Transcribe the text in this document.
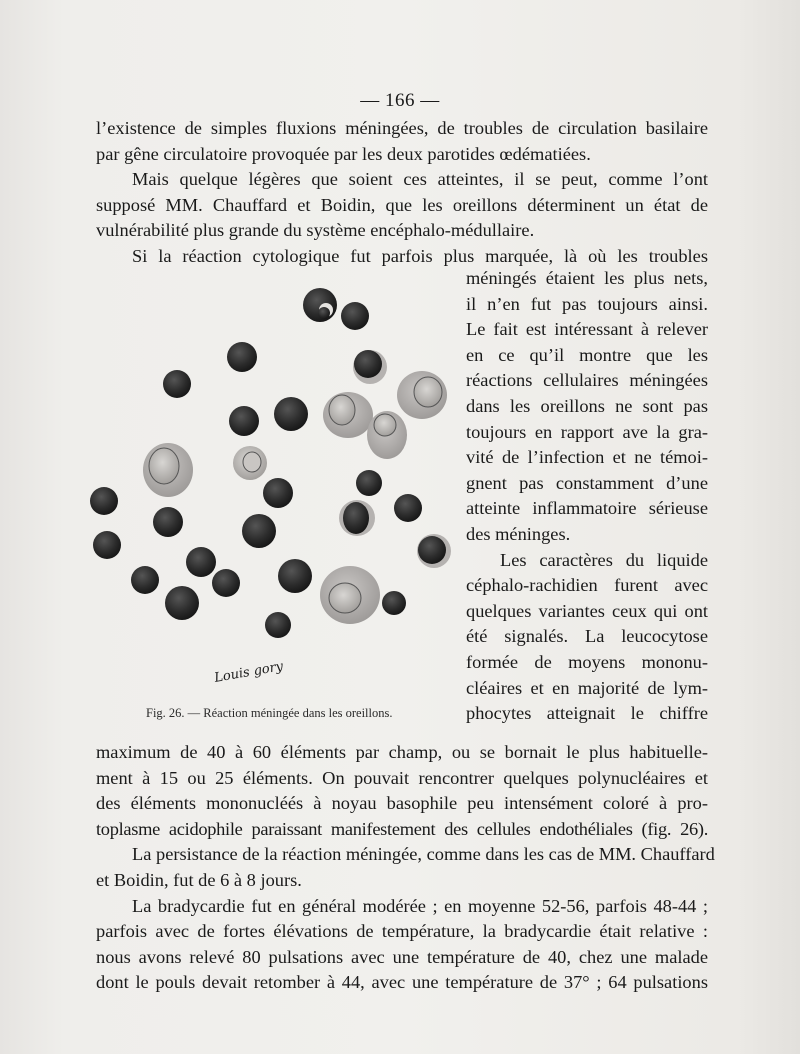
— 166 —
l’existence de simples fluxions méningées, de troubles de circulation basilaire
par gêne circulatoire provoquée par les deux parotides œdématiées.
Mais quelque légères que soient ces atteintes, il se peut, comme l’ont
supposé MM. Chauffard et Boidin, que les oreillons déterminent un état de
vulnérabilité plus grande du système encéphalo-médullaire.
Si la réaction cytologique fut parfois plus marquée, là où les troubles
Louis gory
Fig. 26. — Réaction méningée dans les oreillons.
méningés étaient les plus nets,
il n’en fut pas toujours ainsi.
Le fait est intéressant à relever
en ce qu’il montre que les
réactions cellulaires méningées
dans les oreillons ne sont pas
toujours en rapport ave la gra-
vité de l’infection et ne témoi-
gnent pas constamment d’une
atteinte inflammatoire sérieuse
des méninges.
Les caractères du liquide
céphalo-rachidien furent avec
quelques variantes ceux qui ont
été signalés. La leucocytose
formée de moyens mononu-
cléaires et en majorité de lym-
phocytes atteignait le chiffre
maximum de 40 à 60 éléments par champ, ou se bornait le plus habituelle-
ment à 15 ou 25 éléments. On pouvait rencontrer quelques polynucléaires et
des éléments mononucléés à noyau basophile peu intensément coloré à pro-
toplasme acidophile paraissant manifestement des cellules endothéliales (fig. 26).
La persistance de la réaction méningée, comme dans les cas de MM. Chauffard
et Boidin, fut de 6 à 8 jours.
La bradycardie fut en général modérée ; en moyenne 52-56, parfois 48-44 ;
parfois avec de fortes élévations de température, la bradycardie était relative :
nous avons relevé 80 pulsations avec une température de 40, chez une malade
dont le pouls devait retomber à 44, avec une température de 37° ; 64 pulsations
